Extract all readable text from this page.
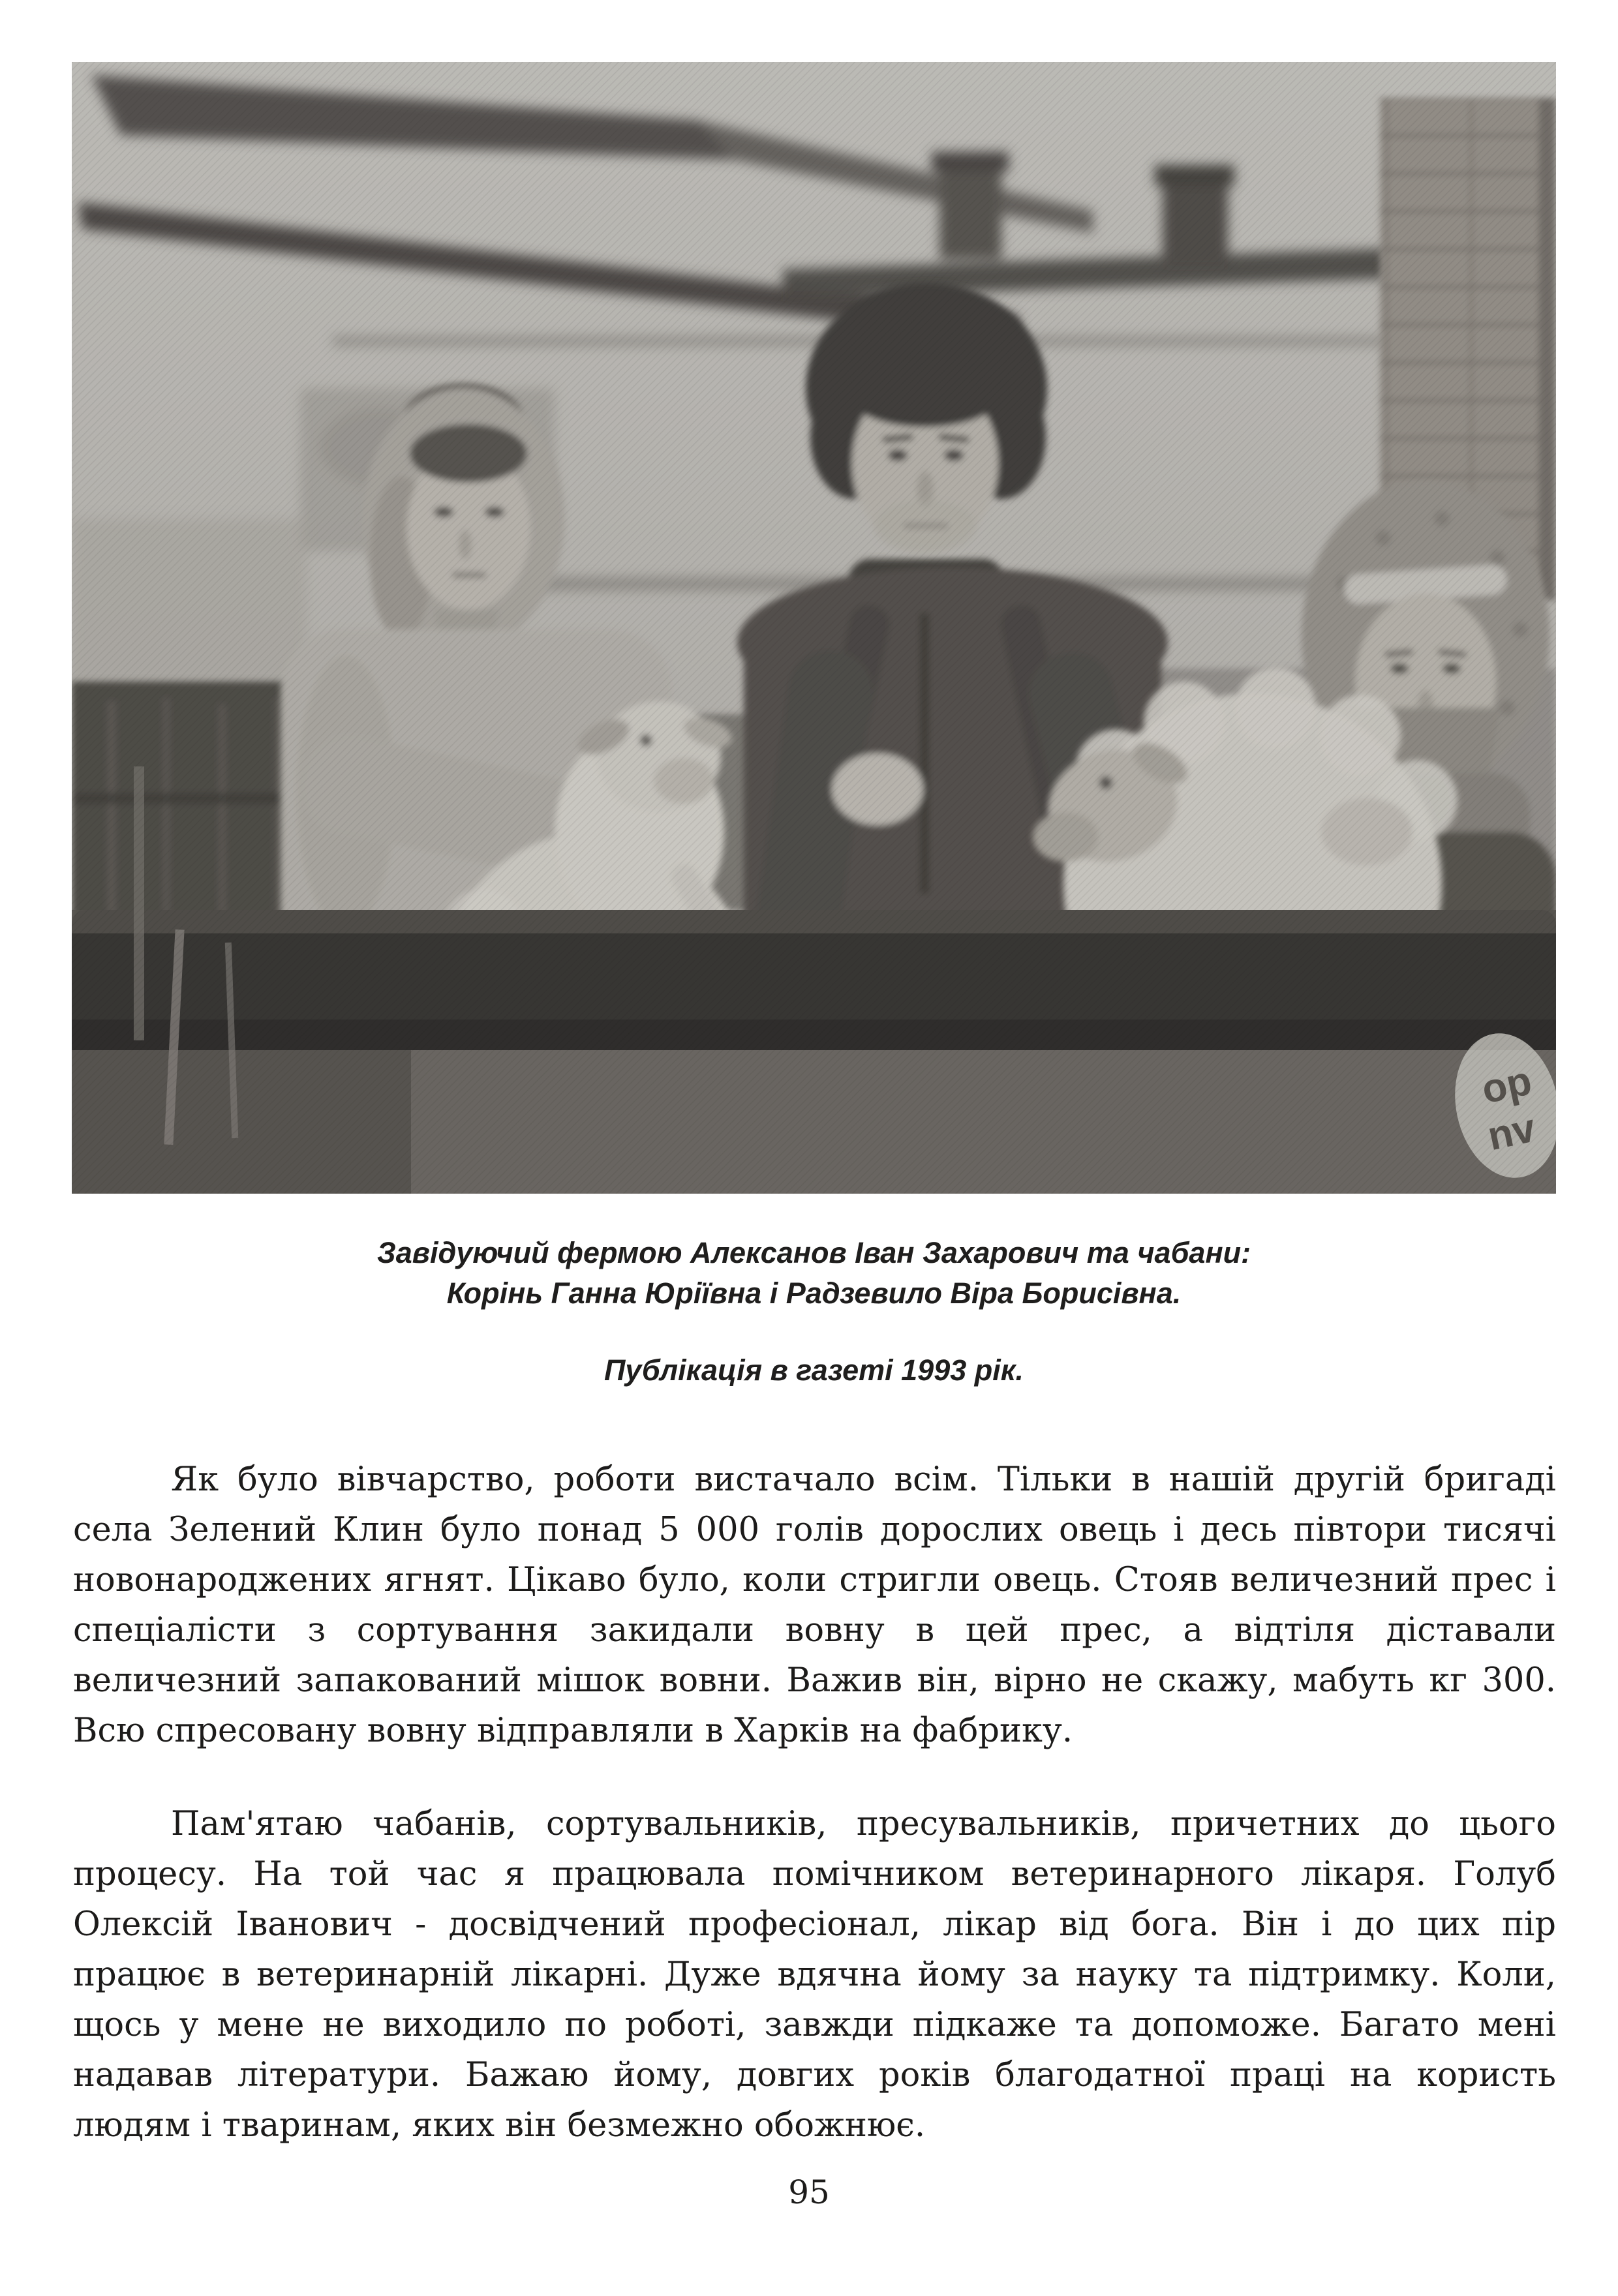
Завідуючий фермою Алексанов Іван Захарович та чабани:
Корінь Ганна Юріївна і Радзевило Віра Борисівна.
Публікація в газеті 1993 рік.

Як було вівчарство, роботи вистачало всім. Тільки в нашій другій бригаді села Зелений Клин було понад 5 000 голів дорослих овець і десь півтори тисячі новонароджених ягнят. Цікаво було, коли стригли овець. Стояв величезний прес і спеціалісти з сортування закидали вовну в цей прес, а відтіля діставали величезний запакований мішок вовни. Важив він, вірно не скажу, мабуть кг 300. Всю спресовану вовну відправляли в Харків на фабрику.

Пам'ятаю чабанів, сортувальників, пресувальників, причетних до цього процесу. На той час я працювала помічником ветеринарного лікаря. Голуб Олексій Іванович - досвідчений професіонал, лікар від бога. Він і до цих пір працює в ветеринарній лікарні. Дуже вдячна йому за науку та підтримку. Коли, щось у мене не виходило по роботі, завжди підкаже та допоможе. Багато мені надавав літератури. Бажаю йому, довгих років благодатної праці на користь людям і тваринам, яких він безмежно обожнює.

95
